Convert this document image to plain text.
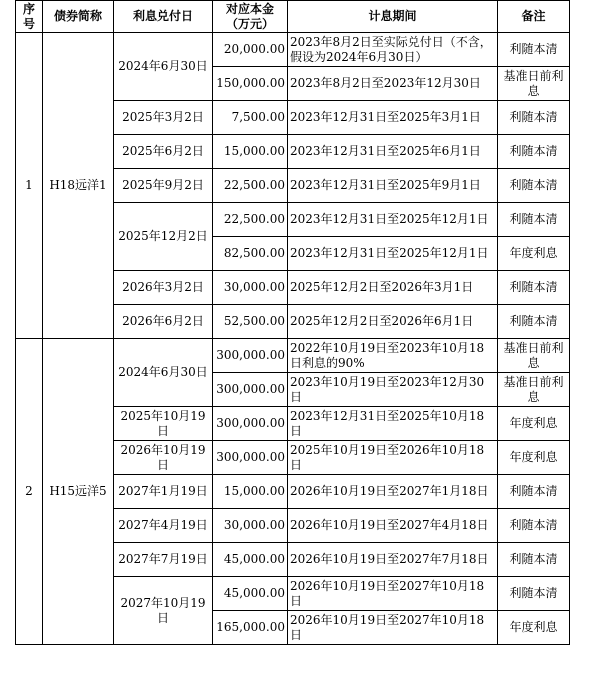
序号	债券简称	利息兑付日	对应本金（万元）	计息期间	备注
1	H18远洋1	2024年6月30日	20,000.00	2023年8月2日至实际兑付日（不含，假设为2024年6月30日）	利随本清
			150,000.00	2023年8月2日至2023年12月30日	基准日前利息
		2025年3月2日	7,500.00	2023年12月31日至2025年3月1日	利随本清
		2025年6月2日	15,000.00	2023年12月31日至2025年6月1日	利随本清
		2025年9月2日	22,500.00	2023年12月31日至2025年9月1日	利随本清
		2025年12月2日	22,500.00	2023年12月31日至2025年12月1日	利随本清
			82,500.00	2023年12月31日至2025年12月1日	年度利息
		2026年3月2日	30,000.00	2025年12月2日至2026年3月1日	利随本清
		2026年6月2日	52,500.00	2025年12月2日至2026年6月1日	利随本清
2	H15远洋5	2024年6月30日	300,000.00	2022年10月19日至2023年10月18日利息的90%	基准日前利息
			300,000.00	2023年10月19日至2023年12月30日	基准日前利息
		2025年10月19日	300,000.00	2023年12月31日至2025年10月18日	年度利息
		2026年10月19日	300,000.00	2025年10月19日至2026年10月18日	年度利息
		2027年1月19日	15,000.00	2026年10月19日至2027年1月18日	利随本清
		2027年4月19日	30,000.00	2026年10月19日至2027年4月18日	利随本清
		2027年7月19日	45,000.00	2026年10月19日至2027年7月18日	利随本清
		2027年10月19日	45,000.00	2026年10月19日至2027年10月18日	利随本清
			165,000.00	2026年10月19日至2027年10月18日	年度利息
